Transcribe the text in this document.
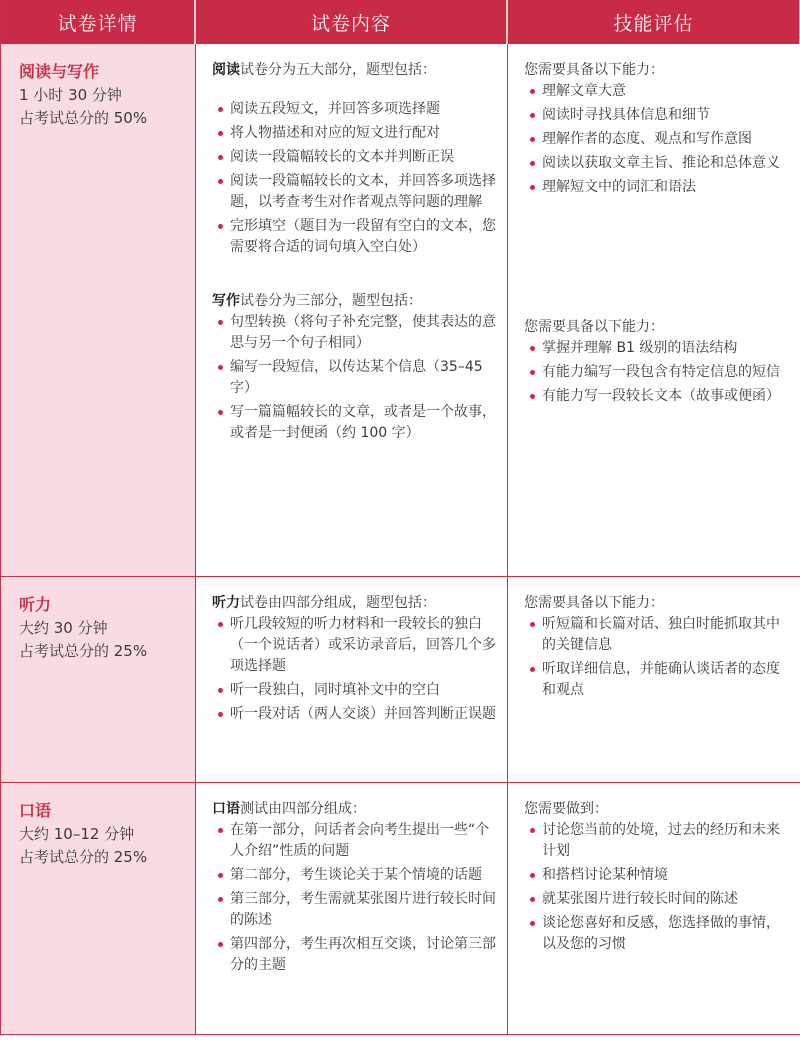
试卷详情	试卷内容	技能评估
阅读与写作
1 小时 30 分钟
占考试总分的 50%

阅读试卷分为五大部分，题型包括：

阅读五段短文，并回答多项选择题
将人物描述和对应的短文进行配对
阅读一段篇幅较长的文本并判断正误
阅读一段篇幅较长的文本，并回答多项选择题，以考查考生对作者观点等问题的理解
完形填空（题目为一段留有空白的文本，您需要将合适的词句填入空白处）

写作试卷分为三部分，题型包括：

句型转换（将句子补充完整，使其表达的意思与另一个句子相同）
编写一段短信，以传达某个信息（35–45 字）
写一篇篇幅较长的文章，或者是一个故事，或者是一封便函（约 100 字）

您需要具备以下能力：

理解文章大意
阅读时寻找具体信息和细节
理解作者的态度、观点和写作意图
阅读以获取文章主旨、推论和总体意义
理解短文中的词汇和语法

您需要具备以下能力：

掌握并理解 B1 级别的语法结构
有能力编写一段包含有特定信息的短信
有能力写一段较长文本（故事或便函）
听力
大约 30 分钟
占考试总分的 25%

听力试卷由四部分组成，题型包括：

听几段较短的听力材料和一段较长的独白（一个说话者）或采访录音后，回答几个多项选择题
听一段独白，同时填补文中的空白
听一段对话（两人交谈）并回答判断正误题

您需要具备以下能力：

听短篇和长篇对话、独白时能抓取其中的关键信息
听取详细信息，并能确认谈话者的态度和观点
口语
大约 10–12 分钟
占考试总分的 25%

口语测试由四部分组成：

在第一部分，问话者会向考生提出一些“个人介绍”性质的问题
第二部分，考生谈论关于某个情境的话题
第三部分，考生需就某张图片进行较长时间的陈述
第四部分，考生再次相互交谈，讨论第三部分的主题

您需要做到：

讨论您当前的处境，过去的经历和未来计划
和搭档讨论某种情境
就某张图片进行较长时间的陈述
谈论您喜好和反感，您选择做的事情，以及您的习惯
